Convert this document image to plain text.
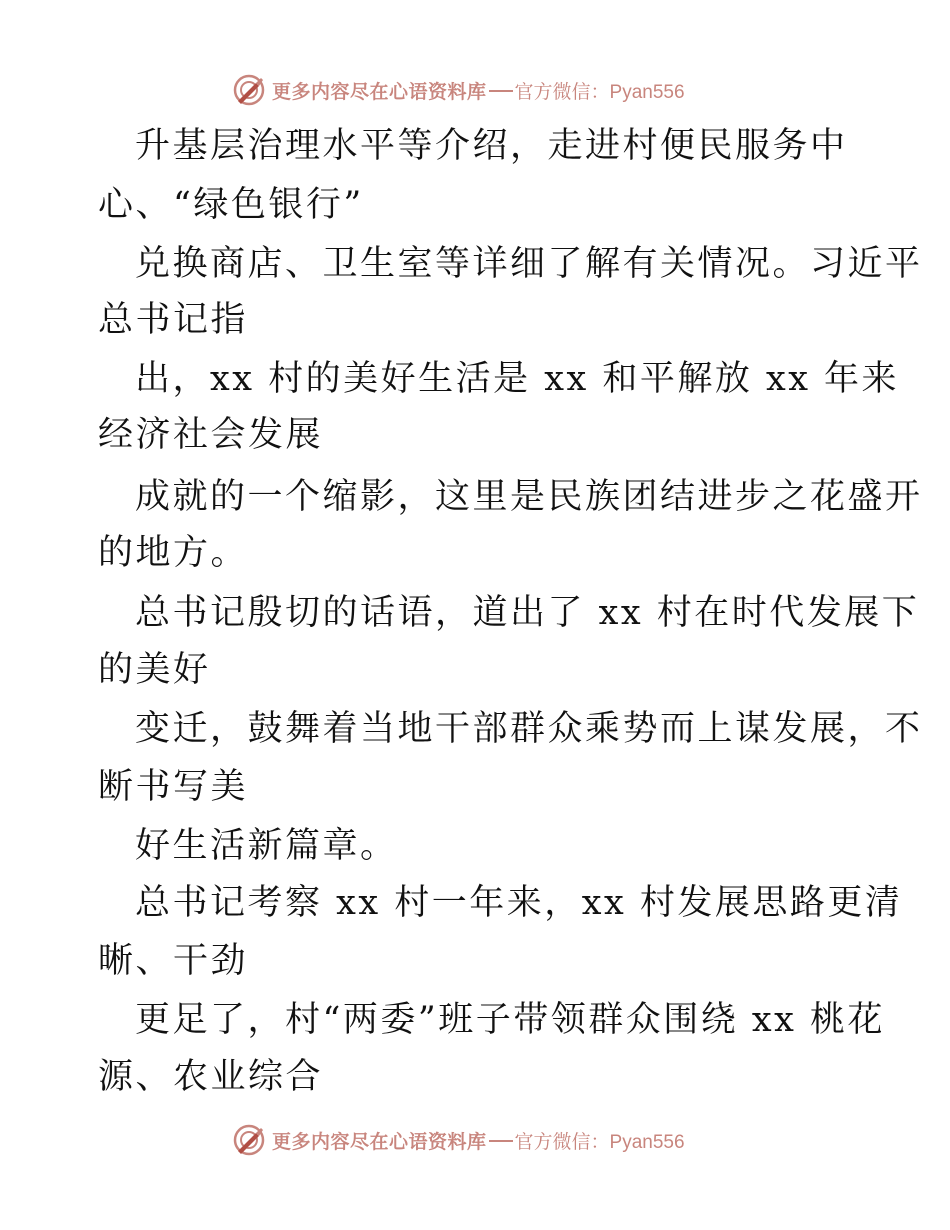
更多内容尽在心语资料库 官方微信：Pyan556
升基层治理水平等介绍，走进村便民服务中
心、“绿色银行”
兑换商店、卫生室等详细了解有关情况。习近平
总书记指
出，xx 村的美好生活是 xx 和平解放 xx 年来
经济社会发展
成就的一个缩影，这里是民族团结进步之花盛开
的地方。
总书记殷切的话语，道出了 xx 村在时代发展下
的美好
变迁，鼓舞着当地干部群众乘势而上谋发展，不
断书写美
好生活新篇章。
总书记考察 xx 村一年来，xx 村发展思路更清
晰、干劲
更足了，村“两委”班子带领群众围绕 xx 桃花
源、农业综合
更多内容尽在心语资料库 官方微信：Pyan556
